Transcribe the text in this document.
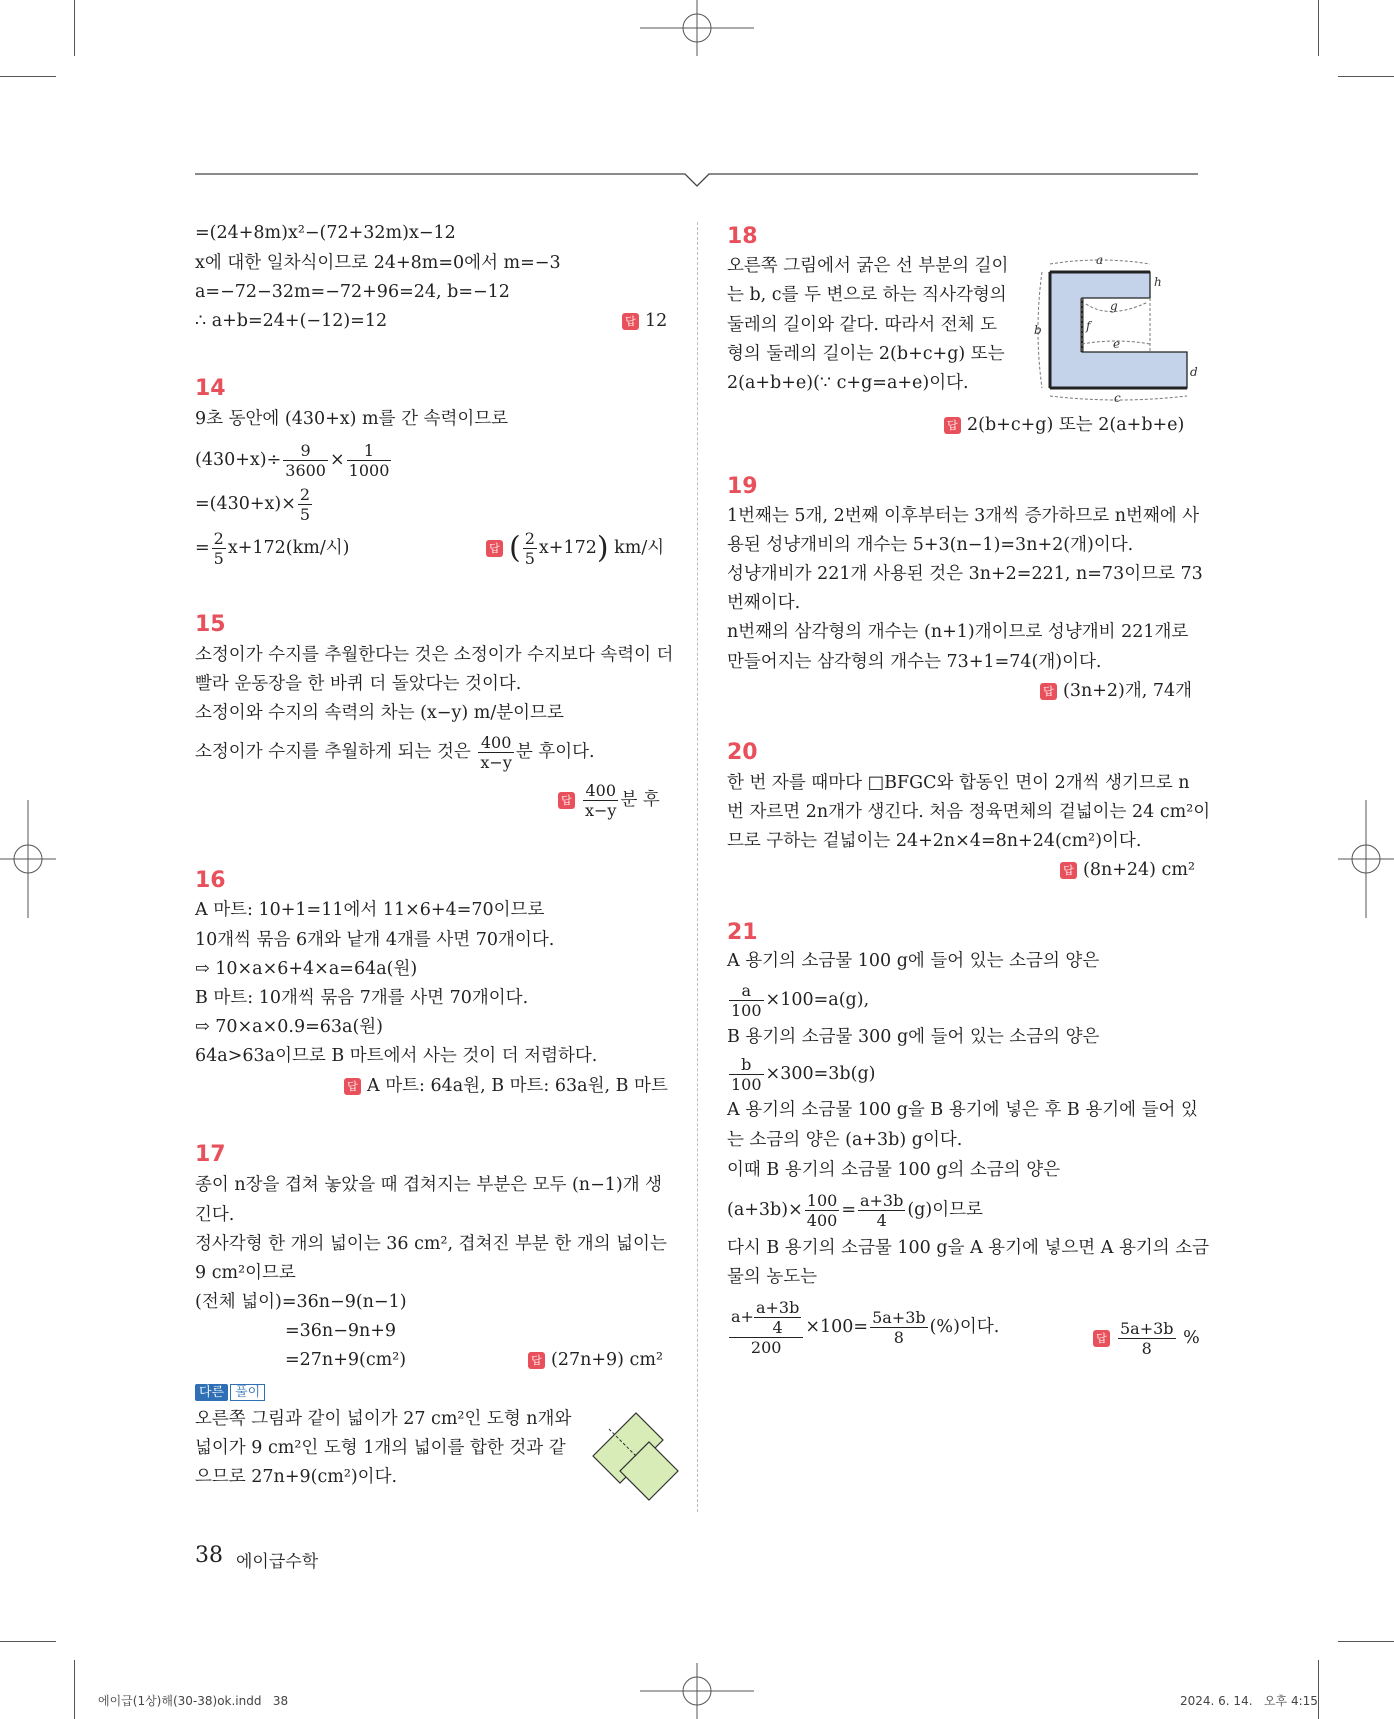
=(24+8m)x²−(72+32m)x−12
x에 대한 일차식이므로 24+8m=0에서 m=−3
a=−72−32m=−72+96=24, b=−12
∴ a+b=24+(−12)=12	답 12
14
9초 동안에 (430+x) m를 간 속력이므로
$(430+x)\div \frac{9}{3600} \times \frac{1}{1000}$
$=(430+x)\times \frac{2}{5}$
= $\frac{2}{5} x+172(km/$시)	답 ( $\frac{2}{5} x+172$) km/시
15
소정이가 수지를 추월한다는 것은 소정이가 수지보다 속력이 더
빨라 운동장을 한 바퀴 더 돌았다는 것이다.
소정이와 수지의 속력의 차는 (x−y) m/분이므로
소정이가 수지를 추월하게 되는 것은 $\frac{400}{x-y}$ 분 후이다.
답 $\frac{400}{x-y}$ 분 후
16
A 마트: 10+1=11에서 11×6+4=70이므로
10개씩 묶음 6개와 낱개 4개를 사면 70개이다.
⇨ 10×a×6+4×a=64a(원)
B 마트: 10개씩 묶음 7개를 사면 70개이다.
⇨ 70×a×0.9=63a(원)
64a>63a이므로 B 마트에서 사는 것이 더 저렴하다.
답 A 마트: 64a원, B 마트: 63a원, B 마트
17
종이 n장을 겹쳐 놓았을 때 겹쳐지는 부분은 모두 (n−1)개 생
긴다.
정사각형 한 개의 넓이는 36 cm², 겹쳐진 부분 한 개의 넓이는
9 cm²이므로
(전체 넓이)=36n−9(n−1)
=36n−9n+9
=27n+9(cm²)	답 (27n+9) cm²
다른 풀이
오른쪽 그림과 같이 넓이가 27 cm²인 도형 n개와
넓이가 9 cm²인 도형 1개의 넓이를 합한 것과 같
으므로 27n+9(cm²)이다.
18
오른쪽 그림에서 굵은 선 부분의 길이
는 b, c를 두 변으로 하는 직사각형의
둘레의 길이와 같다. 따라서 전체 도
형의 둘레의 길이는 2(b+c+g) 또는
2(a+b+e)(∵ c+g=a+e)이다.
a
b
c
d
e
f
g
h
답 2(b+c+g) 또는 2(a+b+e)
19
1번째는 5개, 2번째 이후부터는 3개씩 증가하므로 n번째에 사
용된 성냥개비의 개수는 5+3(n−1)=3n+2(개)이다.
성냥개비가 221개 사용된 것은 3n+2=221, n=73이므로 73
번째이다.
n번째의 삼각형의 개수는 (n+1)개이므로 성냥개비 221개로
만들어지는 삼각형의 개수는 73+1=74(개)이다.
답 (3n+2)개, 74개
20
한 번 자를 때마다 □BFGC와 합동인 면이 2개씩 생기므로 n
번 자르면 2n개가 생긴다. 처음 정육면체의 겉넓이는 24 cm²이
므로 구하는 겉넓이는 24+2n×4=8n+24(cm²)이다.
답 (8n+24) cm²
21
A 용기의 소금물 100 g에 들어 있는 소금의 양은
$\frac{a}{100} \times 100=a(g)$,
B 용기의 소금물 300 g에 들어 있는 소금의 양은
$\frac{b}{100} \times 300=3b(g)$
A 용기의 소금물 100 g을 B 용기에 넣은 후 B 용기에 들어 있
는 소금의 양은 (a+3b) g이다.
이때 B 용기의 소금물 100 g의 소금의 양은
$(a+3b)\times \frac{100}{400} = \frac{a+3b}{4} (g)$이므로
다시 B 용기의 소금물 100 g을 A 용기에 넣으면 A 용기의 소금
물의 농도는
$\frac{a+ \frac{a+3b}{4}}{200} \times 100= \frac{5a+3b}{8}$ (%)이다.
답 $\frac{5a+3b}{8}$ %
38 에이급수학
에이급(1상)해(30-38)ok.indd   38	2024. 6. 14.   오후 4:15
